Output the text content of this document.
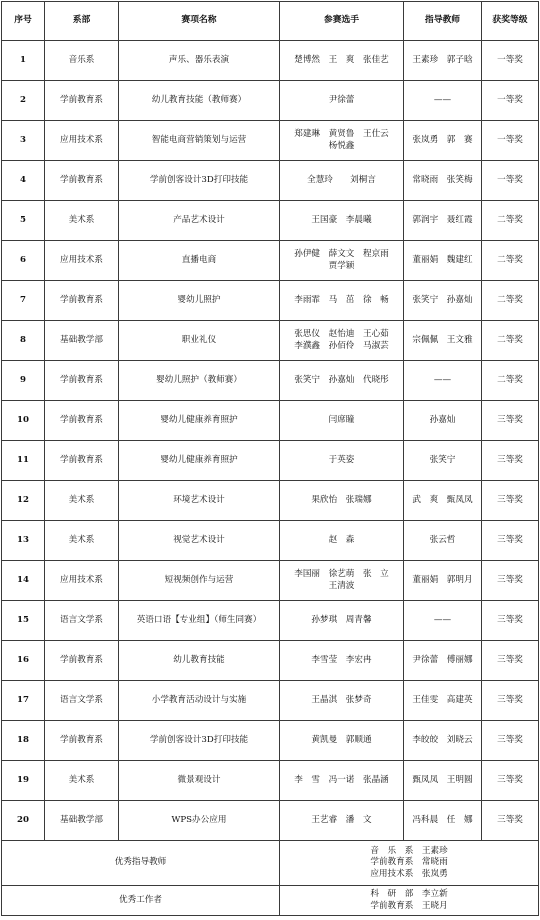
序号	系部	赛项名称	参赛选手	指导教师	获奖等级
1	音乐系	声乐、器乐表演	楚博然　王　爽　张佳艺	王素珍　郭子晗	一等奖
2	学前教育系	幼儿教育技能（教师赛）	尹徐蕾	——	一等奖
3	应用技术系	智能电商营销策划与运营	郑建琳　黄贤鲁　王仕云
杨悦鑫	张岚勇　郭　赛	一等奖
4	学前教育系	学前创客设计3D打印技能	全慧玲　　刘桐言	常晓雨　张笑梅	一等奖
5	美术系	产品艺术设计	王国豪　李晨曦	郭润宇　聂红霞	二等奖
6	应用技术系	直播电商	孙伊健　薛文文　程京雨
贾学颖	董丽娟　魏建红	二等奖
7	学前教育系	婴幼儿照护	李雨霏　马　茁　徐　畅	张笑宁　孙嘉灿	二等奖
8	基础教学部	职业礼仪	张思仪　赵怡迪　王心茹
李濮鑫　孙佰伶　马淑芸	宗佩佩　王文雅	二等奖
9	学前教育系	婴幼儿照护（教师赛）	张笑宁　孙嘉灿　代晓彤	——	二等奖
10	学前教育系	婴幼儿健康养育照护	闫席瞳	孙嘉灿	三等奖
11	学前教育系	婴幼儿健康养育照护	于英姿	张笑宁	三等奖
12	美术系	环境艺术设计	果欣怡　张瑞娜	武　爽　甄凤凤	三等奖
13	美术系	视觉艺术设计	赵　森	张云哲	三等奖
14	应用技术系	短视频创作与运营	李国丽　徐艺萌　张　立
王清波	董丽娟　郭明月	三等奖
15	语言文学系	英语口语【专业组】（师生同赛）	孙梦琪　周青馨	——	三等奖
16	学前教育系	幼儿教育技能	李雪莹　李宏冉	尹徐蕾　傅丽娜	三等奖
17	语言文学系	小学教育活动设计与实施	王晶淇　张梦奇	王佳雯　高建英	三等奖
18	学前教育系	学前创客设计3D打印技能	黄凯曼　郭顺通	李皎皎　刘晓云	三等奖
19	美术系	微景观设计	李　雪　冯一诺　张晶涵	甄凤凤　王明圆	三等奖
20	基础教学部	WPS办公应用	王艺睿　潘　文	冯科晨　任　娜	三等奖
优秀指导教师			音　乐　系　王素珍
学前教育系　常晓雨
应用技术系　张岚勇		

优秀工作者			科　研　部　李立新
学前教育系　王晓月		
